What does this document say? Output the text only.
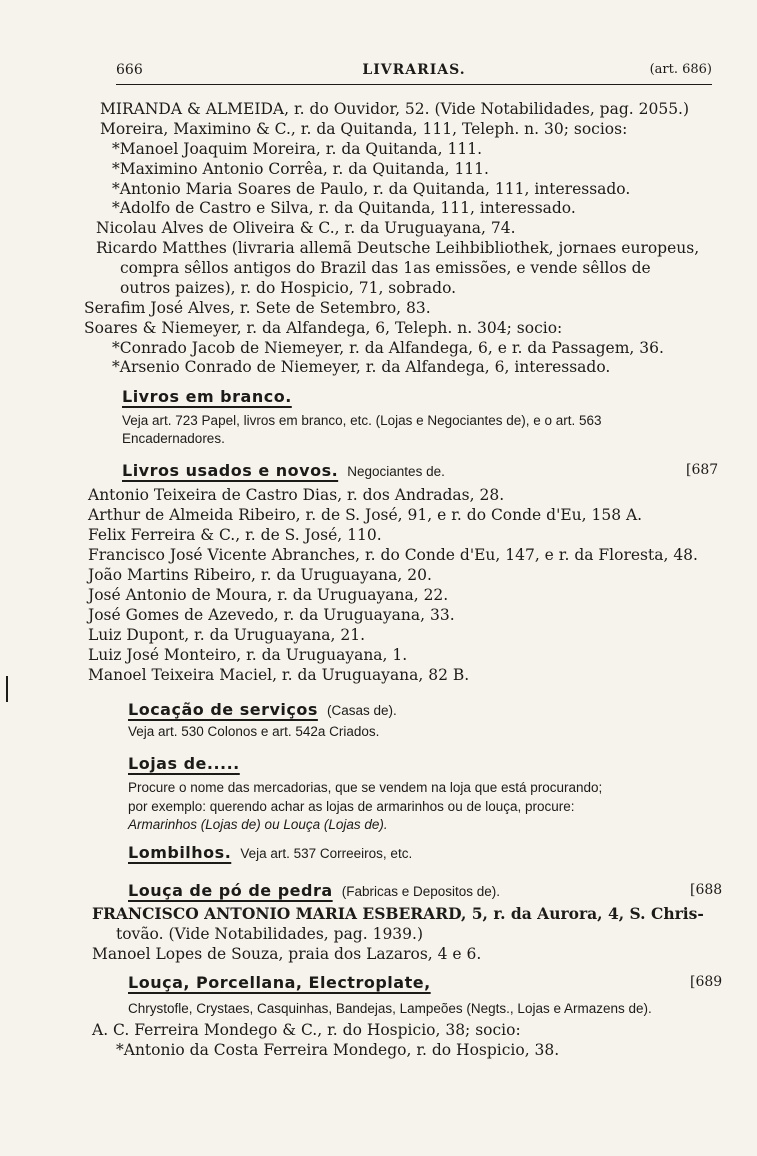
666	LIVRARIAS.	(art. 686)
MIRANDA & ALMEIDA, r. do Ouvidor, 52. (Vide Notabilidades, pag. 2055.)
Moreira, Maximino & C., r. da Quitanda, 111, Teleph. n. 30; socios:
*Manoel Joaquim Moreira, r. da Quitanda, 111.
*Maximino Antonio Corrêa, r. da Quitanda, 111.
*Antonio Maria Soares de Paulo, r. da Quitanda, 111, interessado.
*Adolfo de Castro e Silva, r. da Quitanda, 111, interessado.
Nicolau Alves de Oliveira & C., r. da Uruguayana, 74.
Ricardo Matthes (livraria allemã Deutsche Leihbibliothek, jornaes europeus,
compra sêllos antigos do Brazil das 1as emissões, e vende sêllos de
outros paizes), r. do Hospicio, 71, sobrado.
Serafim José Alves, r. Sete de Setembro, 83.
Soares & Niemeyer, r. da Alfandega, 6, Teleph. n. 304; socio:
*Conrado Jacob de Niemeyer, r. da Alfandega, 6, e r. da Passagem, 36.
*Arsenio Conrado de Niemeyer, r. da Alfandega, 6, interessado.
Livros em branco.
Veja art. 723 Papel, livros em branco, etc. (Lojas e Negociantes de), e o art. 563
Encadernadores.
Livros usados e novos. Negociantes de.	[687
Antonio Teixeira de Castro Dias, r. dos Andradas, 28.
Arthur de Almeida Ribeiro, r. de S. José, 91, e r. do Conde d'Eu, 158 A.
Felix Ferreira & C., r. de S. José, 110.
Francisco José Vicente Abranches, r. do Conde d'Eu, 147, e r. da Floresta, 48.
João Martins Ribeiro, r. da Uruguayana, 20.
José Antonio de Moura, r. da Uruguayana, 22.
José Gomes de Azevedo, r. da Uruguayana, 33.
Luiz Dupont, r. da Uruguayana, 21.
Luiz José Monteiro, r. da Uruguayana, 1.
Manoel Teixeira Maciel, r. da Uruguayana, 82 B.
Locação de serviços (Casas de).
Veja art. 530 Colonos e art. 542a Criados.
Lojas de.....
Procure o nome das mercadorias, que se vendem na loja que está procurando;
por exemplo: querendo achar as lojas de armarinhos ou de louça, procure:
Armarinhos (Lojas de) ou Louça (Lojas de).
Lombilhos. Veja art. 537 Correeiros, etc.
Louça de pó de pedra (Fabricas e Depositos de).	[688
FRANCISCO ANTONIO MARIA ESBERARD, 5, r. da Aurora, 4, S. Chris-
tovão. (Vide Notabilidades, pag. 1939.)
Manoel Lopes de Souza, praia dos Lazaros, 4 e 6.
Louça, Porcellana, Electroplate,	[689
Chrystofle, Crystaes, Casquinhas, Bandejas, Lampeões (Negts., Lojas e Armazens de).
A. C. Ferreira Mondego & C., r. do Hospicio, 38; socio:
*Antonio da Costa Ferreira Mondego, r. do Hospicio, 38.
